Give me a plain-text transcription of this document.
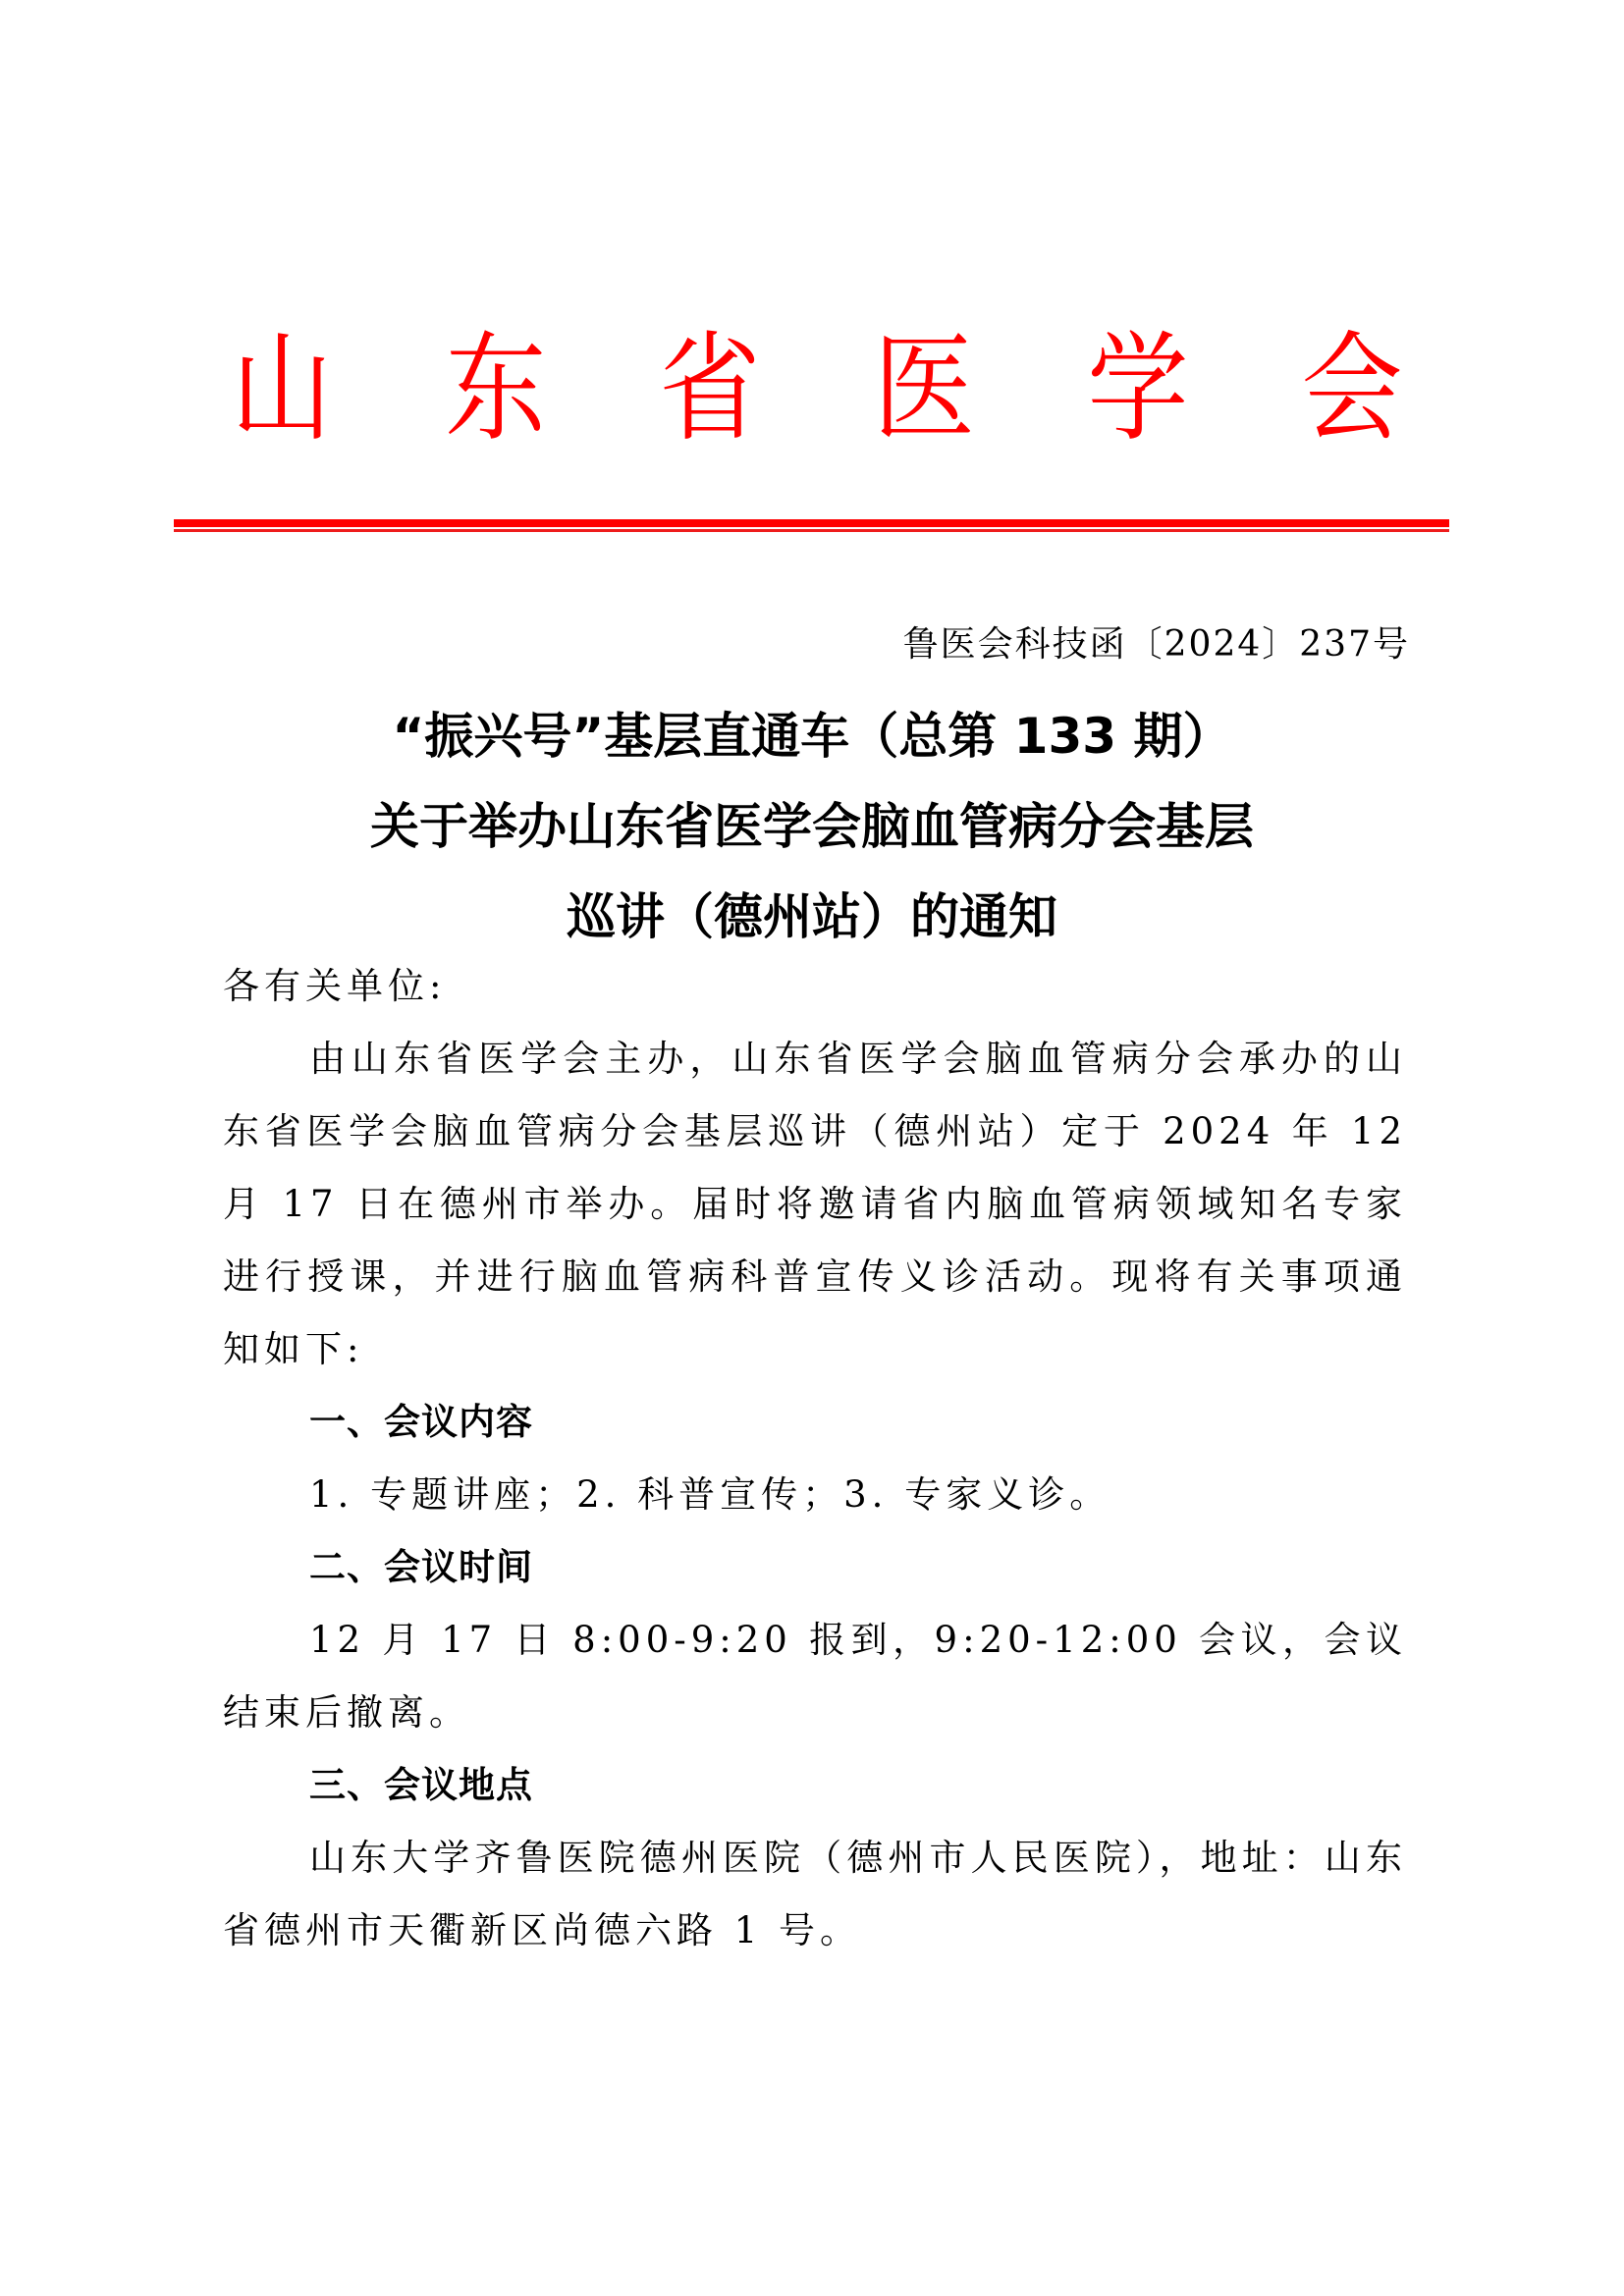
山 东 省 医 学 会
鲁医会科技函〔2024〕237号
“振兴号”基层直通车（总第 133 期）
关于举办山东省医学会脑血管病分会基层
巡讲（德州站）的通知

各有关单位:

由山东省医学会主办，山东省医学会脑血管病分会承办的山东省医学会脑血管病分会基层巡讲（德州站）定于 2024 年 12 月 17 日在德州市举办。届时将邀请省内脑血管病领域知名专家进行授课，并进行脑血管病科普宣传义诊活动。现将有关事项通知如下:

一、会议内容

1. 专题讲座；2. 科普宣传；3. 专家义诊。

二、会议时间

12 月 17 日 8:00-9:20 报到，9:20-12:00 会议，会议结束后撤离。

三、会议地点

山东大学齐鲁医院德州医院（德州市人民医院），地址：山东省德州市天衢新区尚德六路 1 号。
